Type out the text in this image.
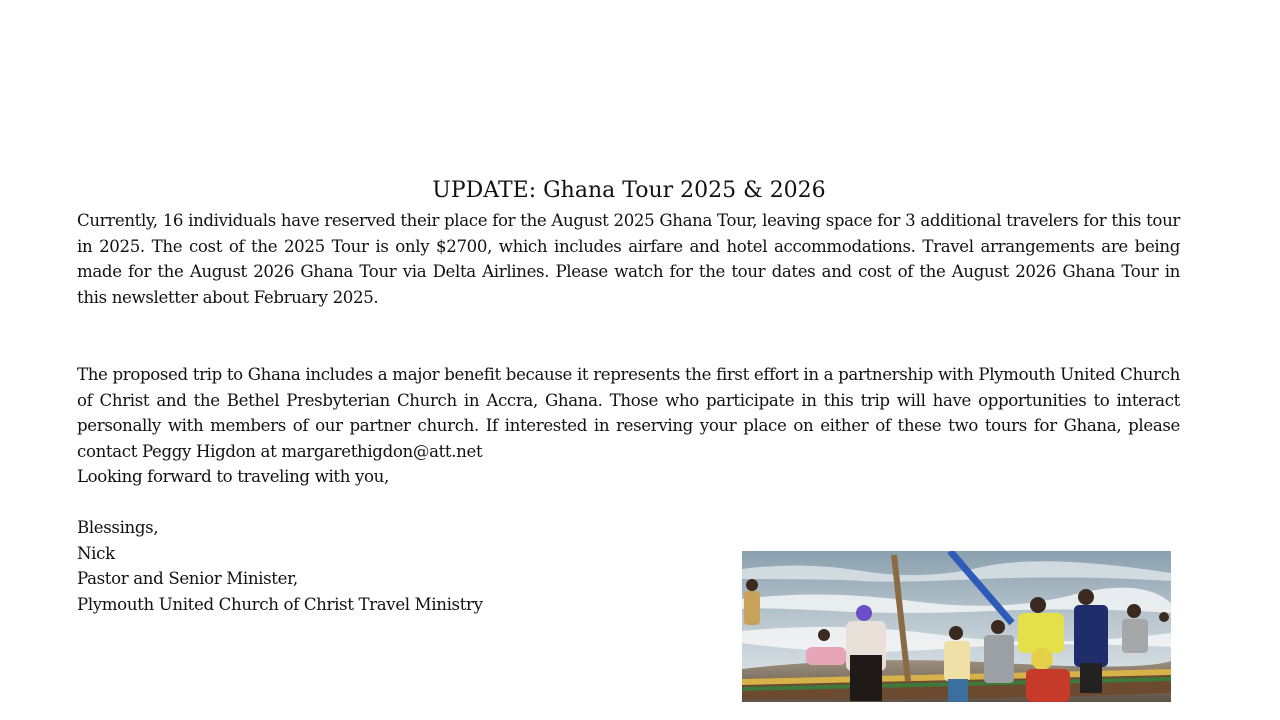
UPDATE: Ghana Tour 2025 & 2026
Currently, 16 individuals have reserved their place for the August 2025 Ghana Tour, leaving space for 3 additional travelers for this tour in 2025. The cost of the 2025 Tour is only $2700, which includes airfare and hotel accommodations. Travel arrangements are being made for the August 2026 Ghana Tour via Delta Airlines. Please watch for the tour dates and cost of the August 2026 Ghana Tour in this newsletter about February 2025.
The proposed trip to Ghana includes a major benefit because it represents the first effort in a partnership with Plymouth United Church of Christ and the Bethel Presbyterian Church in Accra, Ghana. Those who participate in this trip will have opportunities to interact personally with members of our partner church. If interested in reserving your place on either of these two tours for Ghana, please contact Peggy Higdon at margarethigdon@att.net
Looking forward to traveling with you,
Blessings,
Nick
Pastor and Senior Minister,
Plymouth United Church of Christ Travel Ministry
